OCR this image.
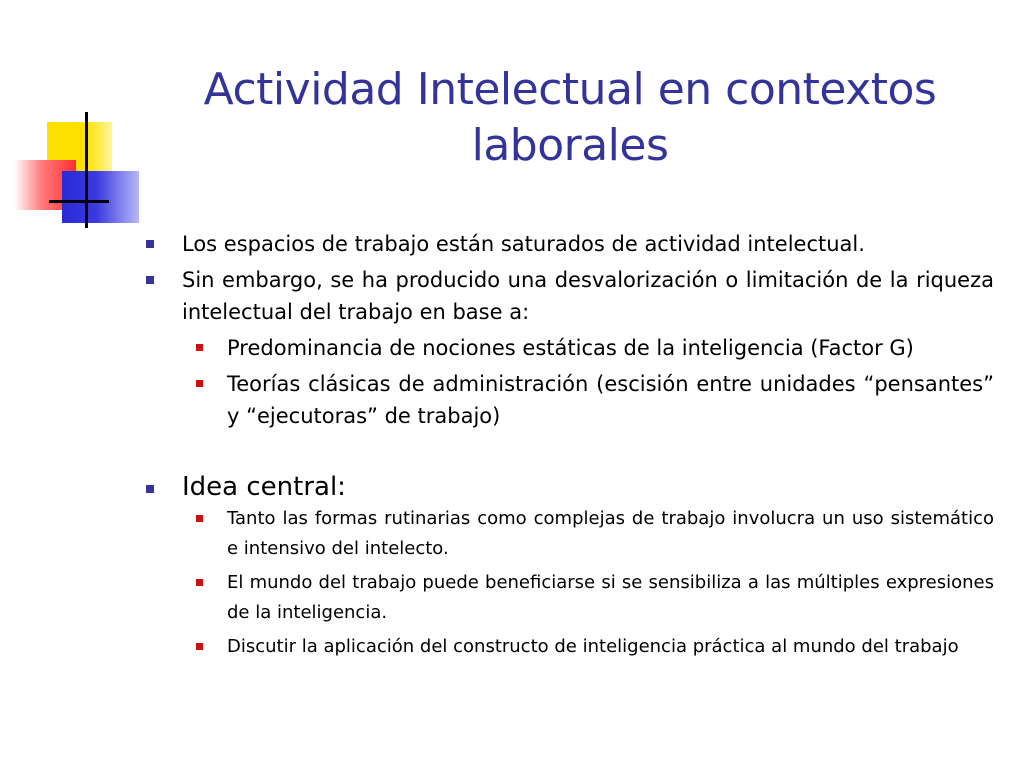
Actividad Intelectual en contextos
laborales
Los espacios de trabajo están saturados de actividad intelectual.
Sin embargo, se ha producido una desvalorización o limitación de la riqueza intelectual del trabajo en base a:
Predominancia de nociones estáticas de la inteligencia (Factor G)
Teorías clásicas de administración (escisión entre unidades “pensantes” y “ejecutoras” de trabajo)
Idea central:
Tanto las formas rutinarias como complejas de trabajo involucra un uso sistemático e intensivo del intelecto.
El mundo del trabajo puede beneficiarse si se sensibiliza a las múltiples expresiones de la inteligencia.
Discutir la aplicación del constructo de inteligencia práctica al mundo del trabajo
